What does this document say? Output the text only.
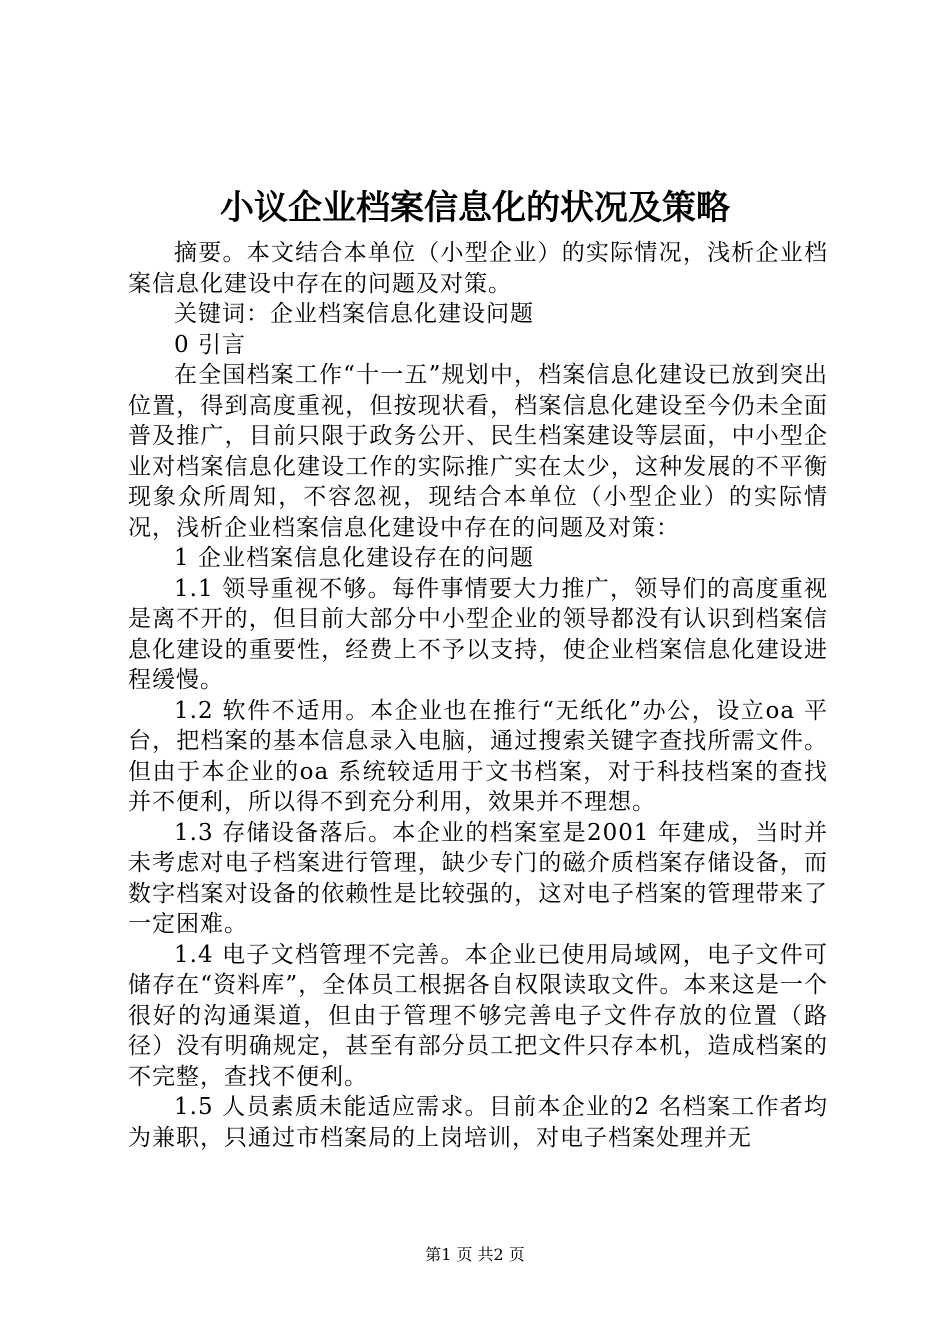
小议企业档案信息化的状况及策略

摘要。本文结合本单位（小型企业）的实际情况，浅析企业档案信息化建设中存在的问题及对策。

关键词：企业档案信息化建设问题

0 引言

在全国档案工作“十一五”规划中，档案信息化建设已放到突出位置，得到高度重视，但按现状看，档案信息化建设至今仍未全面普及推广，目前只限于政务公开、民生档案建设等层面，中小型企业对档案信息化建设工作的实际推广实在太少，这种发展的不平衡现象众所周知，不容忽视，现结合本单位（小型企业）的实际情况，浅析企业档案信息化建设中存在的问题及对策：

1 企业档案信息化建设存在的问题

1.1 领导重视不够。每件事情要大力推广，领导们的高度重视是离不开的，但目前大部分中小型企业的领导都没有认识到档案信息化建设的重要性，经费上不予以支持，使企业档案信息化建设进程缓慢。

1.2 软件不适用。本企业也在推行“无纸化”办公，设立oa 平台，把档案的基本信息录入电脑，通过搜索关键字查找所需文件。但由于本企业的oa 系统较适用于文书档案，对于科技档案的查找并不便利，所以得不到充分利用，效果并不理想。

1.3 存储设备落后。本企业的档案室是2001 年建成，当时并未考虑对电子档案进行管理，缺少专门的磁介质档案存储设备，而数字档案对设备的依赖性是比较强的，这对电子档案的管理带来了一定困难。

1.4 电子文档管理不完善。本企业已使用局域网，电子文件可储存在“资料库”，全体员工根据各自权限读取文件。本来这是一个很好的沟通渠道，但由于管理不够完善电子文件存放的位置（路径）没有明确规定，甚至有部分员工把文件只存本机，造成档案的不完整，查找不便利。

1.5 人员素质未能适应需求。目前本企业的2 名档案工作者均为兼职，只通过市档案局的上岗培训，对电子档案处理并无

第1 页 共2 页
